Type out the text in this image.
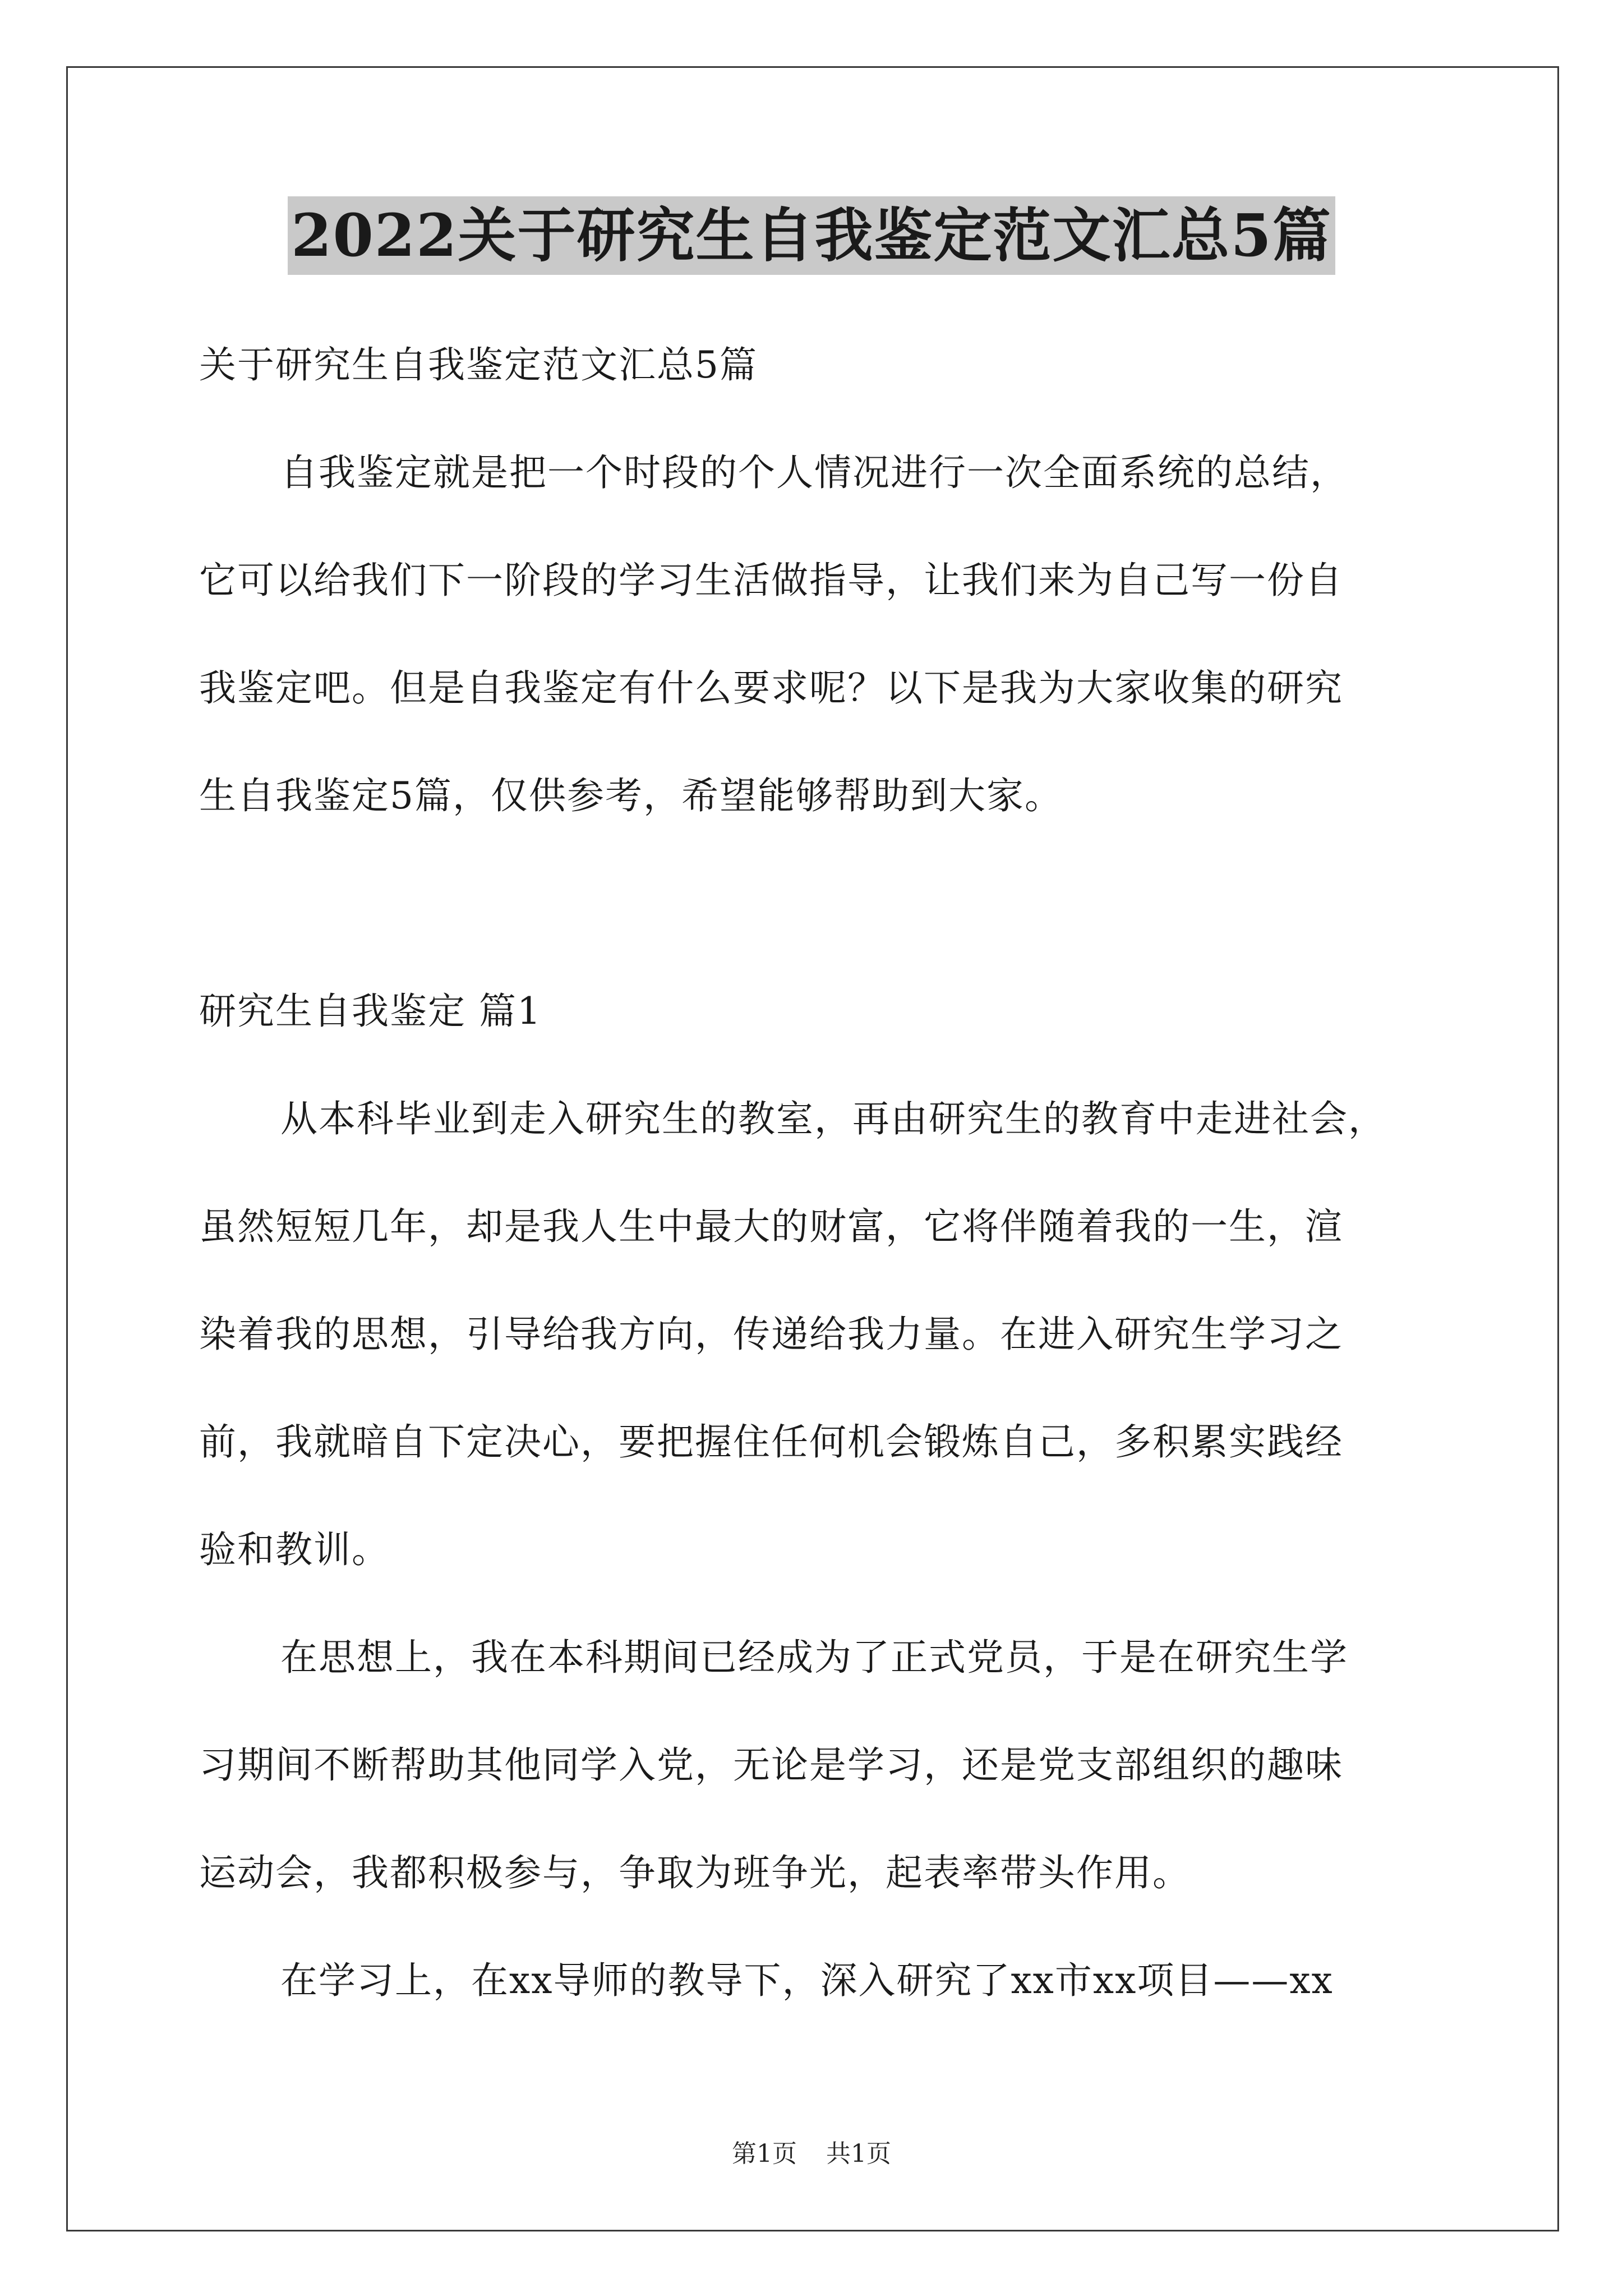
2022关于研究生自我鉴定范文汇总5篇
关于研究生自我鉴定范文汇总5篇
自我鉴定就是把一个时段的个人情况进行一次全面系统的总结，
它可以给我们下一阶段的学习生活做指导，让我们来为自己写一份自
我鉴定吧。但是自我鉴定有什么要求呢？以下是我为大家收集的研究
生自我鉴定5篇，仅供参考，希望能够帮助到大家。
研究生自我鉴定 篇1
从本科毕业到走入研究生的教室，再由研究生的教育中走进社会，
虽然短短几年，却是我人生中最大的财富，它将伴随着我的一生，渲
染着我的思想，引导给我方向，传递给我力量。在进入研究生学习之
前，我就暗自下定决心，要把握住任何机会锻炼自己，多积累实践经
验和教训。
在思想上，我在本科期间已经成为了正式党员，于是在研究生学
习期间不断帮助其他同学入党，无论是学习，还是党支部组织的趣味
运动会，我都积极参与，争取为班争光，起表率带头作用。
在学习上，在xx导师的教导下，深入研究了xx市xx项目——xx
第1页 共1页
